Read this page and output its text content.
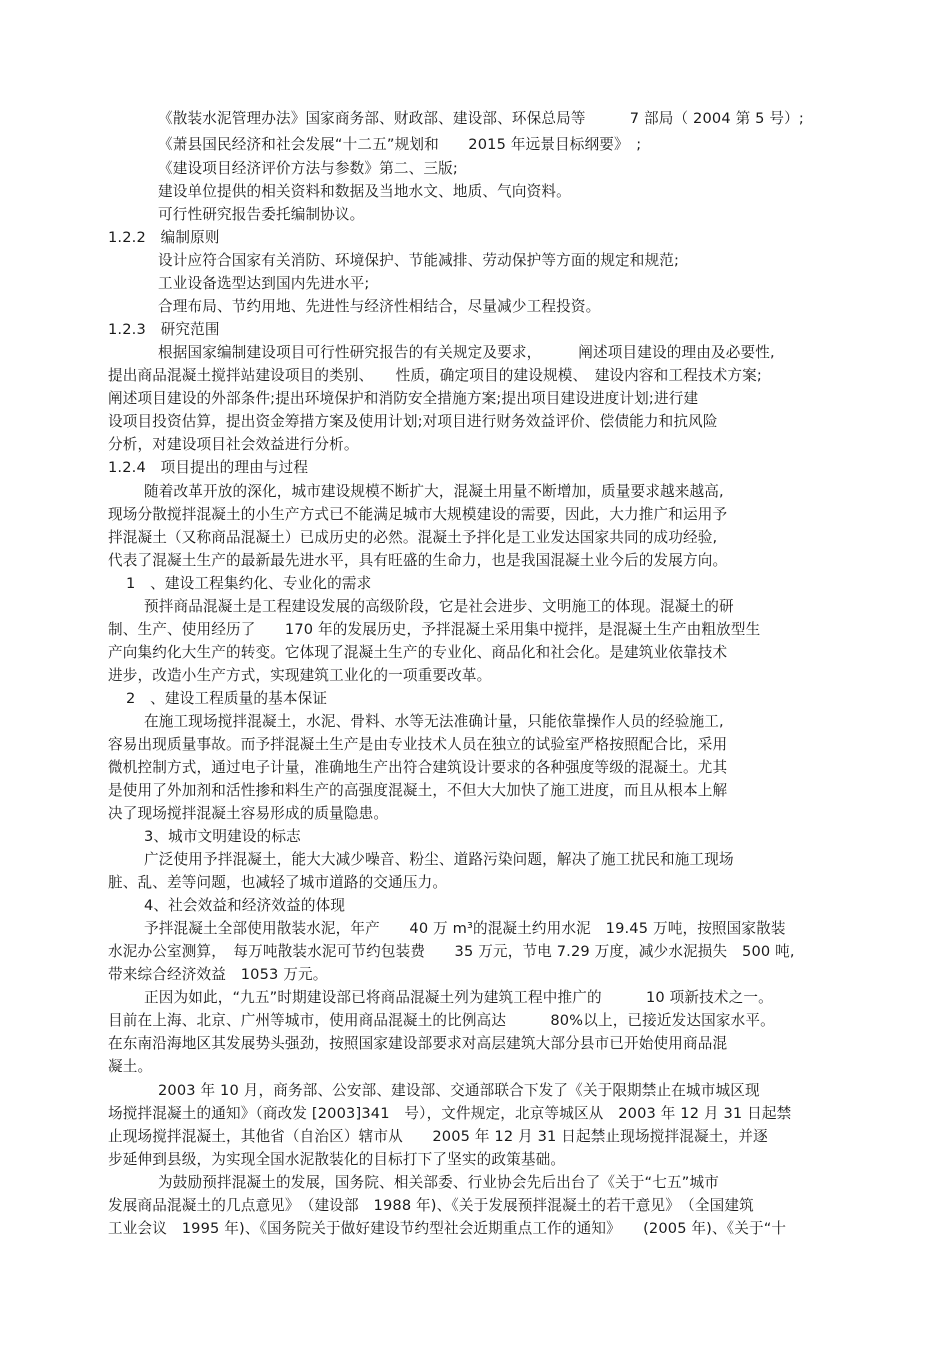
《散装水泥管理办法》国家商务部、财政部、建设部、环保总局等　　　7 部局（ 2004 第 5 号）;
《萧县国民经济和社会发展“十二五”规划和　　2015 年远景目标纲要》　;
《建设项目经济评价方法与参数》第二、三版;
建设单位提供的相关资料和数据及当地水文、地质、气向资料。
可行性研究报告委托编制协议。
1.2.2　编制原则
设计应符合国家有关消防、环境保护、节能减排、劳动保护等方面的规定和规范;
工业设备选型达到国内先进水平;
合理布局、节约用地、先进性与经济性相结合，尽量减少工程投资。
1.2.3　研究范围
根据国家编制建设项目可行性研究报告的有关规定及要求，　　　阐述项目建设的理由及必要性,
提出商品混凝土搅拌站建设项目的类别、　　性质，确定项目的建设规模、　建设内容和工程技术方案;
阐述项目建设的外部条件;提出环境保护和消防安全措施方案;提出项目建设进度计划;进行建
设项目投资估算，提出资金筹措方案及使用计划;对项目进行财务效益评价、偿债能力和抗风险
分析，对建设项目社会效益进行分析。
1.2.4　项目提出的理由与过程
随着改革开放的深化，城市建设规模不断扩大，混凝土用量不断增加，质量要求越来越高,
现场分散搅拌混凝土的小生产方式已不能满足城市大规模建设的需要，因此，大力推广和运用予
拌混凝土（又称商品混凝土）已成历史的必然。混凝土予拌化是工业发达国家共同的成功经验,
代表了混凝土生产的最新最先进水平，具有旺盛的生命力，也是我国混凝土业今后的发展方向。
1　、建设工程集约化、专业化的需求
预拌商品混凝土是工程建设发展的高级阶段，它是社会进步、文明施工的体现。混凝土的研
制、生产、使用经历了　　170 年的发展历史，予拌混凝土采用集中搅拌，是混凝土生产由粗放型生
产向集约化大生产的转变。它体现了混凝土生产的专业化、商品化和社会化。是建筑业依靠技术
进步，改造小生产方式，实现建筑工业化的一项重要改革。
2　、建设工程质量的基本保证
在施工现场搅拌混凝土，水泥、骨料、水等无法准确计量，只能依靠操作人员的经验施工,
容易出现质量事故。而予拌混凝土生产是由专业技术人员在独立的试验室严格按照配合比，采用
微机控制方式，通过电子计量，准确地生产出符合建筑设计要求的各种强度等级的混凝土。尤其
是使用了外加剂和活性掺和料生产的高强度混凝土，不但大大加快了施工进度，而且从根本上解
决了现场搅拌混凝土容易形成的质量隐患。
3、城市文明建设的标志
广泛使用予拌混凝土，能大大减少噪音、粉尘、道路污染问题，解决了施工扰民和施工现场
脏、乱、差等问题，也减轻了城市道路的交通压力。
4、社会效益和经济效益的体现
予拌混凝土全部使用散装水泥，年产　　40 万 m³的混凝土约用水泥　19.45 万吨，按照国家散装
水泥办公室测算，　每万吨散装水泥可节约包装费　　35 万元，节电 7.29 万度，减少水泥损失　500 吨,
带来综合经济效益　1053 万元。
正因为如此，“九五”时期建设部已将商品混凝土列为建筑工程中推广的　　　10 项新技术之一。
目前在上海、北京、广州等城市，使用商品混凝土的比例高达　　　80%以上，已接近发达国家水平。
在东南沿海地区其发展势头强劲，按照国家建设部要求对高层建筑大部分县市已开始使用商品混
凝土。
2003 年 10 月，商务部、公安部、建设部、交通部联合下发了《关于限期禁止在城市城区现
场搅拌混凝土的通知》（商改发 [2003]341　号），文件规定，北京等城区从　2003 年 12 月 31 日起禁
止现场搅拌混凝土，其他省（自治区）辖市从　　2005 年 12 月 31 日起禁止现场搅拌混凝土，并逐
步延伸到县级，为实现全国水泥散装化的目标打下了坚实的政策基础。
为鼓励预拌混凝土的发展，国务院、相关部委、行业协会先后出台了《关于“七五”城市
发展商品混凝土的几点意见》　（建设部　1988 年)、《关于发展预拌混凝土的若干意见》　（全国建筑
工业会议　1995 年)、《国务院关于做好建设节约型社会近期重点工作的通知》　　(2005 年)、《关于“十
